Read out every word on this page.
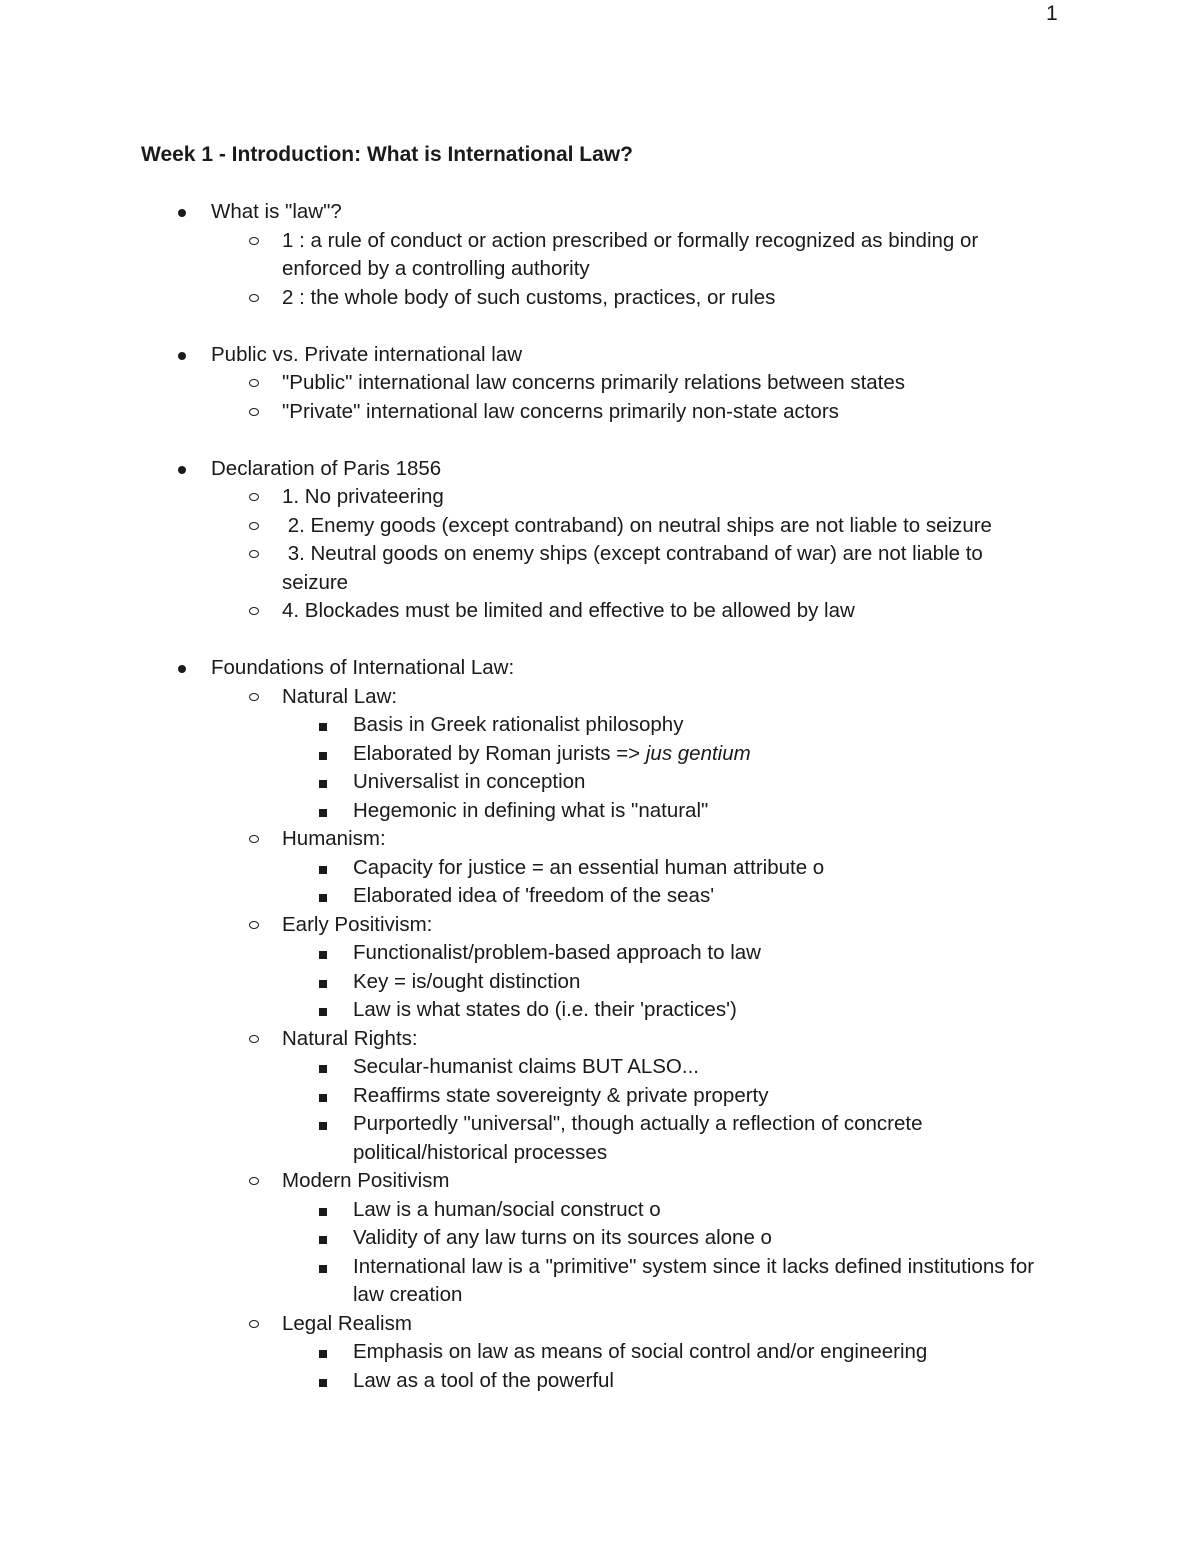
1
Week 1 - Introduction: What is International Law?
What is "law"?
1 : a rule of conduct or action prescribed or formally recognized as binding or enforced by a controlling authority
2 : the whole body of such customs, practices, or rules
Public vs. Private international law
"Public" international law concerns primarily relations between states
"Private" international law concerns primarily non-state actors
Declaration of Paris 1856
1. No privateering
2. Enemy goods (except contraband) on neutral ships are not liable to seizure
3. Neutral goods on enemy ships (except contraband of war) are not liable to seizure
4. Blockades must be limited and effective to be allowed by law
Foundations of International Law:
Natural Law:
Basis in Greek rationalist philosophy
Elaborated by Roman jurists => jus gentium
Universalist in conception
Hegemonic in defining what is "natural"
Humanism:
Capacity for justice = an essential human attribute o
Elaborated idea of 'freedom of the seas'
Early Positivism:
Functionalist/problem-based approach to law
Key = is/ought distinction
Law is what states do (i.e. their 'practices')
Natural Rights:
Secular-humanist claims BUT ALSO...
Reaffirms state sovereignty & private property
Purportedly "universal", though actually a reflection of concrete political/historical processes
Modern Positivism
Law is a human/social construct o
Validity of any law turns on its sources alone o
International law is a "primitive" system since it lacks defined institutions for law creation
Legal Realism
Emphasis on law as means of social control and/or engineering
Law as a tool of the powerful
